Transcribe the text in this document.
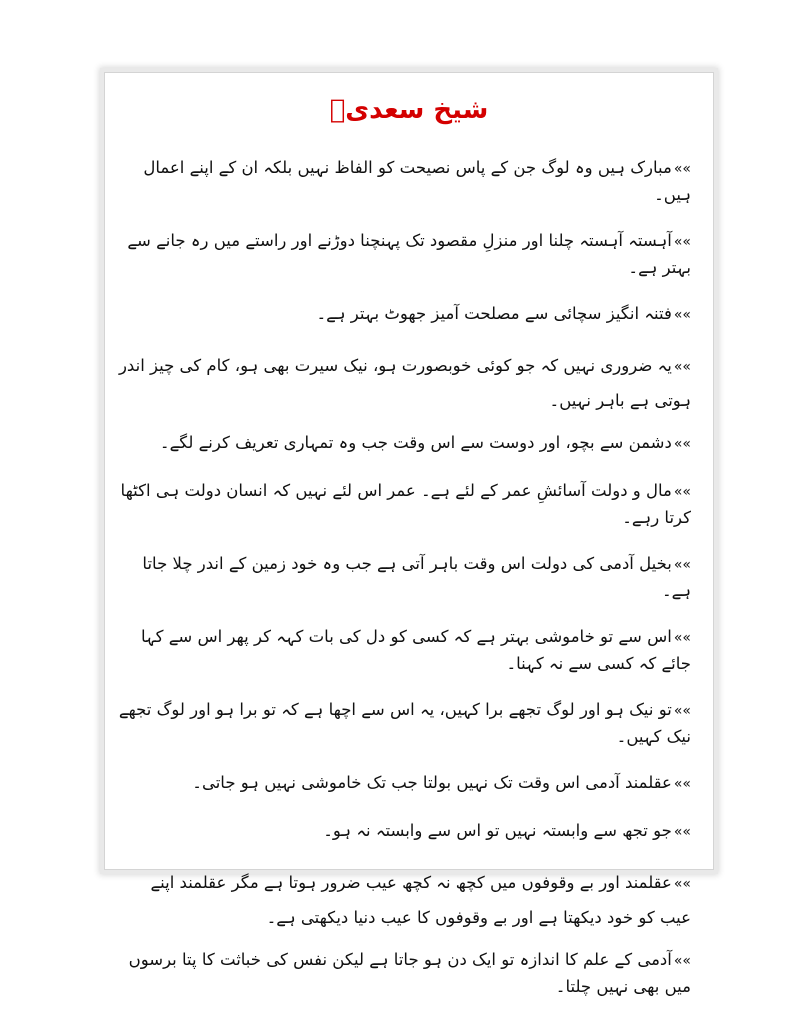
شیخ سعدیؒ
»»مبارک ہیں وہ لوگ جن کے پاس نصیحت کو الفاظ نہیں بلکہ ان کے اپنے اعمال ہیں۔
»»آہستہ آہستہ چلنا اور منزلِ مقصود تک پہنچنا دوڑنے اور راستے میں رہ جانے سے بہتر ہے۔
»»فتنہ انگیز سچائی سے مصلحت آمیز جھوٹ بہتر ہے۔
»»یہ ضروری نہیں کہ جو کوئی خوبصورت ہو، نیک سیرت بھی ہو، کام کی چیز اندر ہوتی ہے باہر نہیں۔
»»دشمن سے بچو، اور دوست سے اس وقت جب وہ تمہاری تعریف کرنے لگے۔
»»مال و دولت آسائشِ عمر کے لئے ہے۔ عمر اس لئے نہیں کہ انسان دولت ہی اکٹھا کرتا رہے۔
»»بخیل آدمی کی دولت اس وقت باہر آتی ہے جب وہ خود زمین کے اندر چلا جاتا ہے۔
»»اس سے تو خاموشی بہتر ہے کہ کسی کو دل کی بات کہہ کر پھر اس سے کہا جائے کہ کسی سے نہ کہنا۔
»»تو نیک ہو اور لوگ تجھے برا کہیں، یہ اس سے اچھا ہے کہ تو برا ہو اور لوگ تجھے نیک کہیں۔
»»عقلمند آدمی اس وقت تک نہیں بولتا جب تک خاموشی نہیں ہو جاتی۔
»»جو تجھ سے وابستہ نہیں تو اس سے وابستہ نہ ہو۔
»»عقلمند اور بے وقوفوں میں کچھ نہ کچھ عیب ضرور ہوتا ہے مگر عقلمند اپنے عیب کو خود دیکھتا ہے اور بے وقوفوں کا عیب دنیا دیکھتی ہے۔
»»آدمی کے علم کا اندازہ تو ایک دن ہو جاتا ہے لیکن نفس کی خباثت کا پتا برسوں میں بھی نہیں چلتا۔
